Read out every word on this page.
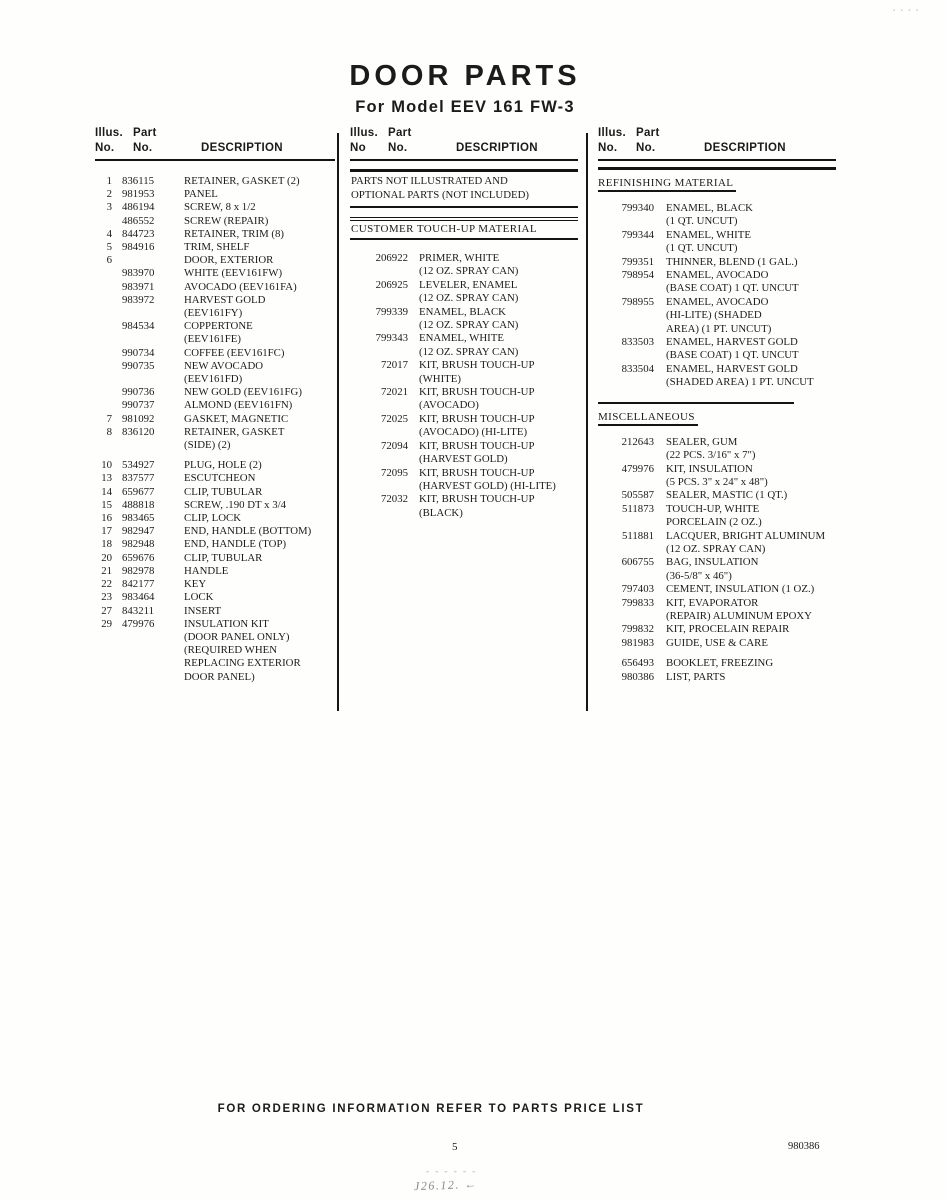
▪ ▪ ▪ ▪
DOOR PARTS
For Model EEV 161 FW-3
Illus. Part
No. No.	DESCRIPTION
1 836115	RETAINER, GASKET (2)
2 981953	PANEL
3 486194	SCREW, 8 x 1/2
486552	SCREW (REPAIR)
4 844723	RETAINER, TRIM (8)
5 984916	TRIM, SHELF
6	DOOR, EXTERIOR
983970	WHITE (EEV161FW)
983971	AVOCADO (EEV161FA)
983972	HARVEST GOLD
(EEV161FY)
984534	COPPERTONE
(EEV161FE)
990734	COFFEE (EEV161FC)
990735	NEW AVOCADO
(EEV161FD)
990736	NEW GOLD (EEV161FG)
990737	ALMOND (EEV161FN)
7 981092	GASKET, MAGNETIC
8 836120	RETAINER, GASKET
(SIDE) (2)
10 534927	PLUG, HOLE (2)
13 837577	ESCUTCHEON
14 659677	CLIP, TUBULAR
15 488818	SCREW, .190 DT x 3/4
16 983465	CLIP, LOCK
17 982947	END, HANDLE (BOTTOM)
18 982948	END, HANDLE (TOP)
20 659676	CLIP, TUBULAR
21 982978	HANDLE
22 842177	KEY
23 983464	LOCK
27 843211	INSERT
29 479976	INSULATION KIT
(DOOR PANEL ONLY)
(REQUIRED WHEN
REPLACING EXTERIOR
DOOR PANEL)
Illus. Part
No No.	DESCRIPTION
PARTS NOT ILLUSTRATED AND
OPTIONAL PARTS (NOT INCLUDED)
CUSTOMER TOUCH-UP MATERIAL
206922 PRIMER, WHITE
(12 OZ. SPRAY CAN)
206925 LEVELER, ENAMEL
(12 OZ. SPRAY CAN)
799339 ENAMEL, BLACK
(12 OZ. SPRAY CAN)
799343 ENAMEL, WHITE
(12 OZ. SPRAY CAN)
72017 KIT, BRUSH TOUCH-UP
(WHITE)
72021 KIT, BRUSH TOUCH-UP
(AVOCADO)
72025 KIT, BRUSH TOUCH-UP
(AVOCADO) (HI-LITE)
72094 KIT, BRUSH TOUCH-UP
(HARVEST GOLD)
72095 KIT, BRUSH TOUCH-UP
(HARVEST GOLD) (HI-LITE)
72032 KIT, BRUSH TOUCH-UP
(BLACK)
Illus. Part
No. No.	DESCRIPTION
REFINISHING MATERIAL
799340 ENAMEL, BLACK
(1 QT. UNCUT)
799344 ENAMEL, WHITE
(1 QT. UNCUT)
799351 THINNER, BLEND (1 GAL.)
798954 ENAMEL, AVOCADO
(BASE COAT) 1 QT. UNCUT
798955 ENAMEL, AVOCADO
(HI-LITE) (SHADED
AREA) (1 PT. UNCUT)
833503 ENAMEL, HARVEST GOLD
(BASE COAT) 1 QT. UNCUT
833504 ENAMEL, HARVEST GOLD
(SHADED AREA) 1 PT. UNCUT
MISCELLANEOUS
212643 SEALER, GUM
(22 PCS. 3/16" x 7")
479976 KIT, INSULATION
(5 PCS. 3" x 24" x 48")
505587 SEALER, MASTIC (1 QT.)
511873 TOUCH-UP, WHITE
PORCELAIN (2 OZ.)
511881 LACQUER, BRIGHT ALUMINUM
(12 OZ. SPRAY CAN)
606755 BAG, INSULATION
(36-5/8" x 46")
797403 CEMENT, INSULATION (1 OZ.)
799833 KIT, EVAPORATOR
(REPAIR) ALUMINUM EPOXY
799832 KIT, PROCELAIN REPAIR
981983 GUIDE, USE & CARE
656493 BOOKLET, FREEZING
980386 LIST, PARTS
FOR ORDERING INFORMATION REFER TO PARTS PRICE LIST
5	980386
- - - - - -
J26.12. ←
